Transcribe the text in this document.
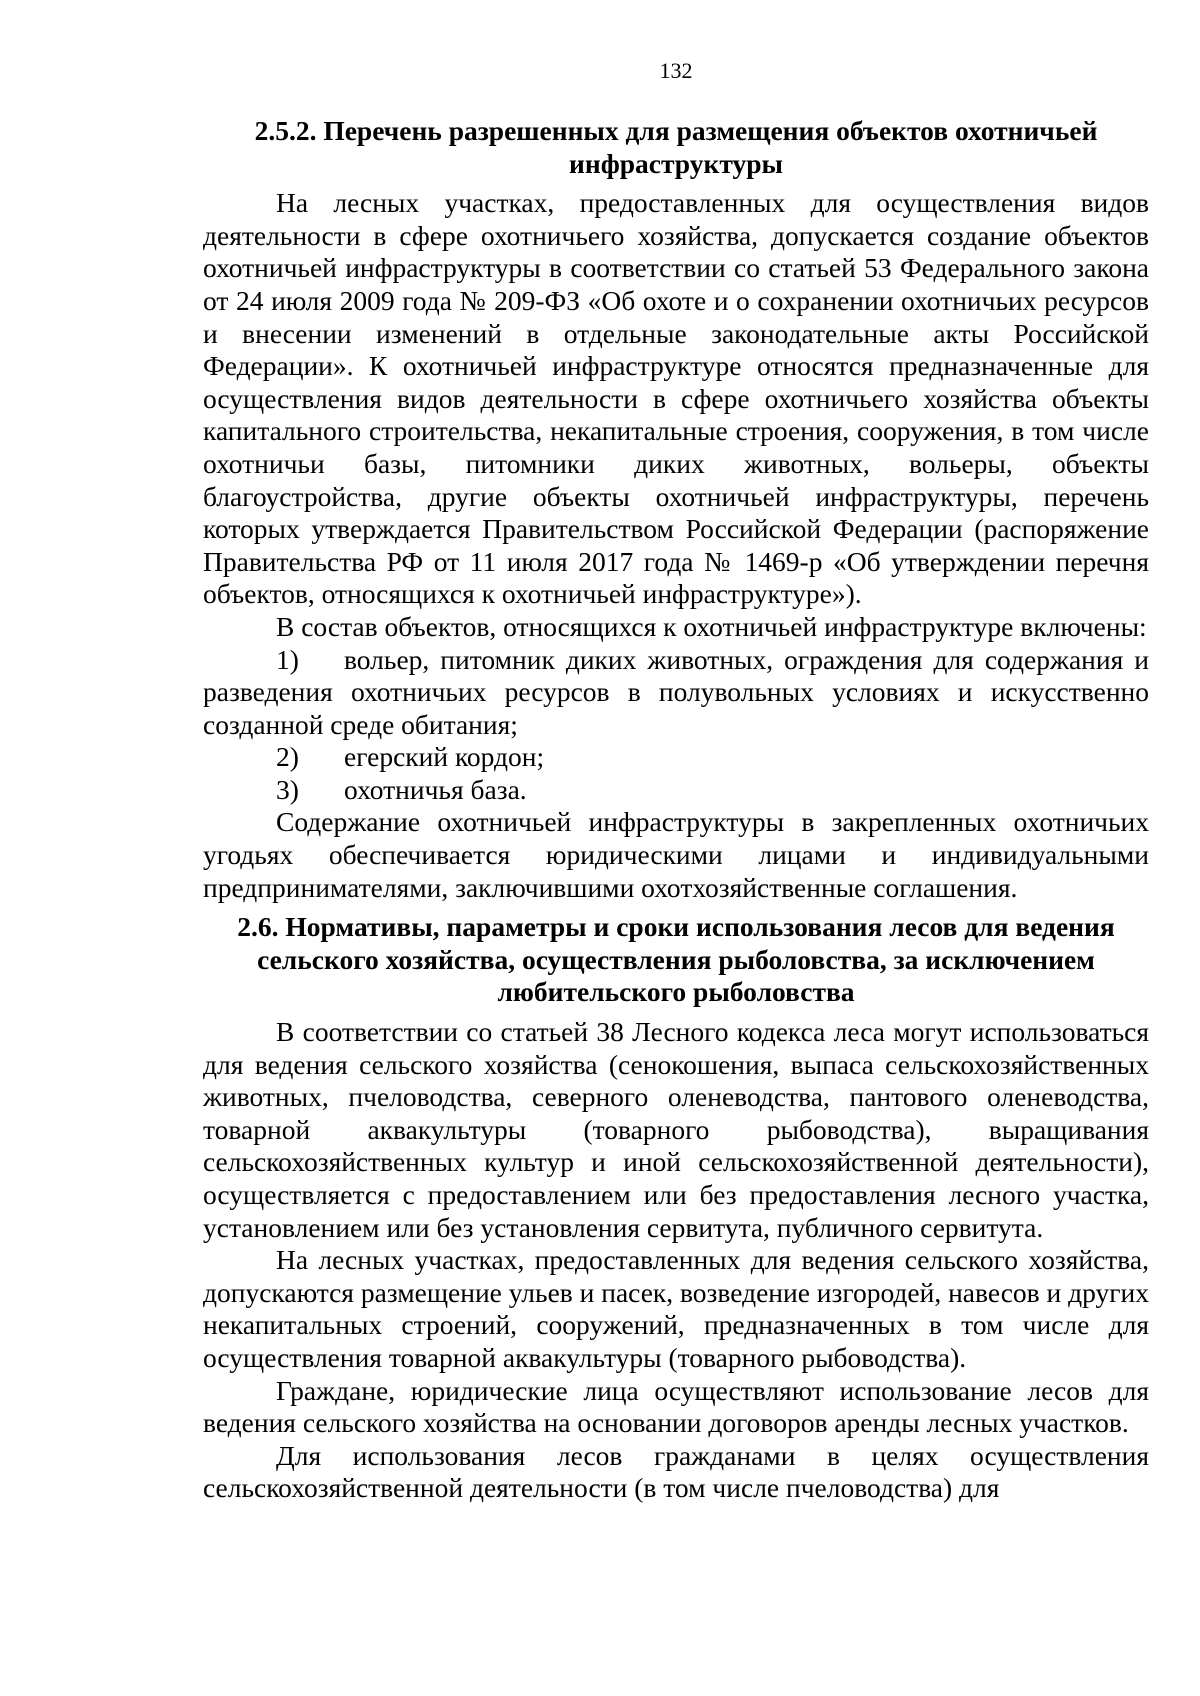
132
2.5.2. Перечень разрешенных для размещения объектов охотничьей инфраструктуры

На лесных участках, предоставленных для осуществления видов деятельности в сфере охотничьего хозяйства, допускается создание объектов охотничьей инфраструктуры в соответствии со статьей 53 Федерального закона от 24 июля 2009 года № 209-ФЗ «Об охоте и о сохранении охотничьих ресурсов и внесении изменений в отдельные законодательные акты Российской Федерации». К охотничьей инфраструктуре относятся предназначенные для осуществления видов деятельности в сфере охотничьего хозяйства объекты капитального строительства, некапитальные строения, сооружения, в том числе охотничьи базы, питомники диких животных, вольеры, объекты благоустройства, другие объекты охотничьей инфраструктуры, перечень которых утверждается Правительством Российской Федерации (распоряжение Правительства РФ от 11 июля 2017 года № 1469-р «Об утверждении перечня объектов, относящихся к охотничьей инфраструктуре»).

В состав объектов, относящихся к охотничьей инфраструктуре включены:

1) вольер, питомник диких животных, ограждения для содержания и разведения охотничьих ресурсов в полувольных условиях и искусственно созданной среде обитания;
2) егерский кордон;
3) охотничья база.

Содержание охотничьей инфраструктуры в закрепленных охотничьих угодьях обеспечивается юридическими лицами и индивидуальными предпринимателями, заключившими охотхозяйственные соглашения.

2.6. Нормативы, параметры и сроки использования лесов для ведения сельского хозяйства, осуществления рыболовства, за исключением любительского рыболовства

В соответствии со статьей 38 Лесного кодекса леса могут использоваться для ведения сельского хозяйства (сенокошения, выпаса сельскохозяйственных животных, пчеловодства, северного оленеводства, пантового оленеводства, товарной аквакультуры (товарного рыбоводства), выращивания сельскохозяйственных культур и иной сельскохозяйственной деятельности), осуществляется с предоставлением или без предоставления лесного участка, установлением или без установления сервитута, публичного сервитута.

На лесных участках, предоставленных для ведения сельского хозяйства, допускаются размещение ульев и пасек, возведение изгородей, навесов и других некапитальных строений, сооружений, предназначенных в том числе для осуществления товарной аквакультуры (товарного рыбоводства).

Граждане, юридические лица осуществляют использование лесов для ведения сельского хозяйства на основании договоров аренды лесных участков.

Для использования лесов гражданами в целях осуществления сельскохозяйственной деятельности (в том числе пчеловодства) для
